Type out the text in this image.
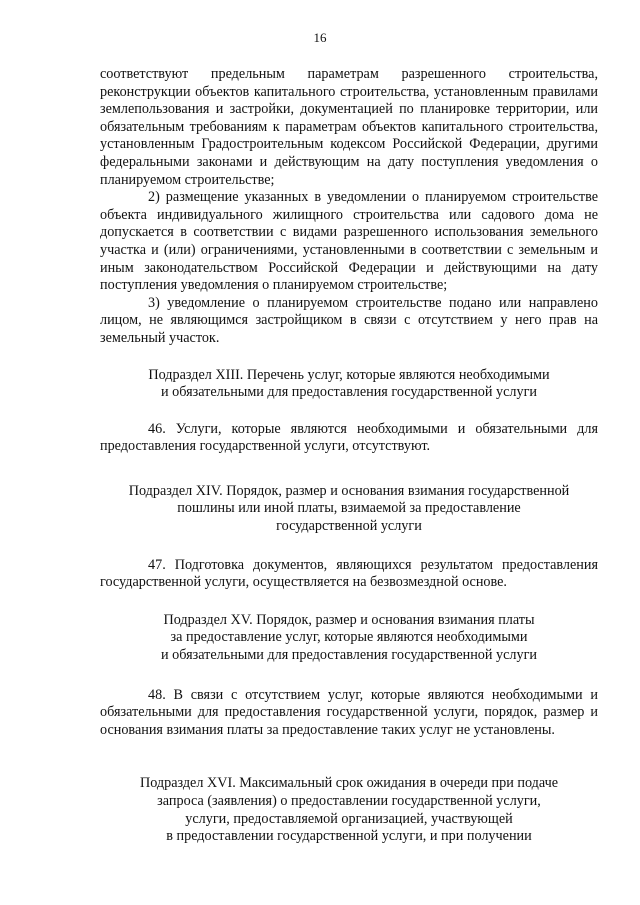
16

соответствуют предельным параметрам разрешенного строительства, реконструкции объектов капитального строительства, установленным правилами землепользования и застройки, документацией по планировке территории, или обязательным требованиям к параметрам объектов капитального строительства, установленным Градостроительным кодексом Российской Федерации, другими федеральными законами и действующим на дату поступления уведомления о планируемом строительстве;

2) размещение указанных в уведомлении о планируемом строительстве объекта индивидуального жилищного строительства или садового дома не допускается в соответствии с видами разрешенного использования земельного участка и (или) ограничениями, установленными в соответствии с земельным и иным законодательством Российской Федерации и действующими на дату поступления уведомления о планируемом строительстве;

3) уведомление о планируемом строительстве подано или направлено лицом, не являющимся застройщиком в связи с отсутствием у него прав на земельный участок.

Подраздел XIII. Перечень услуг, которые являются необходимыми
и обязательными для предоставления государственной услуги

46. Услуги, которые являются необходимыми и обязательными для предоставления государственной услуги, отсутствуют.

Подраздел XIV. Порядок, размер и основания взимания государственной
пошлины или иной платы, взимаемой за предоставление
государственной услуги

47. Подготовка документов, являющихся результатом предоставления государственной услуги, осуществляется на безвозмездной основе.

Подраздел XV. Порядок, размер и основания взимания платы
за предоставление услуг, которые являются необходимыми
и обязательными для предоставления государственной услуги

48. В связи с отсутствием услуг, которые являются необходимыми и обязательными для предоставления государственной услуги, порядок, размер и основания взимания платы за предоставление таких услуг не установлены.

Подраздел XVI. Максимальный срок ожидания в очереди при подаче
запроса (заявления) о предоставлении государственной услуги,
услуги, предоставляемой организацией, участвующей
в предоставлении государственной услуги, и при получении
